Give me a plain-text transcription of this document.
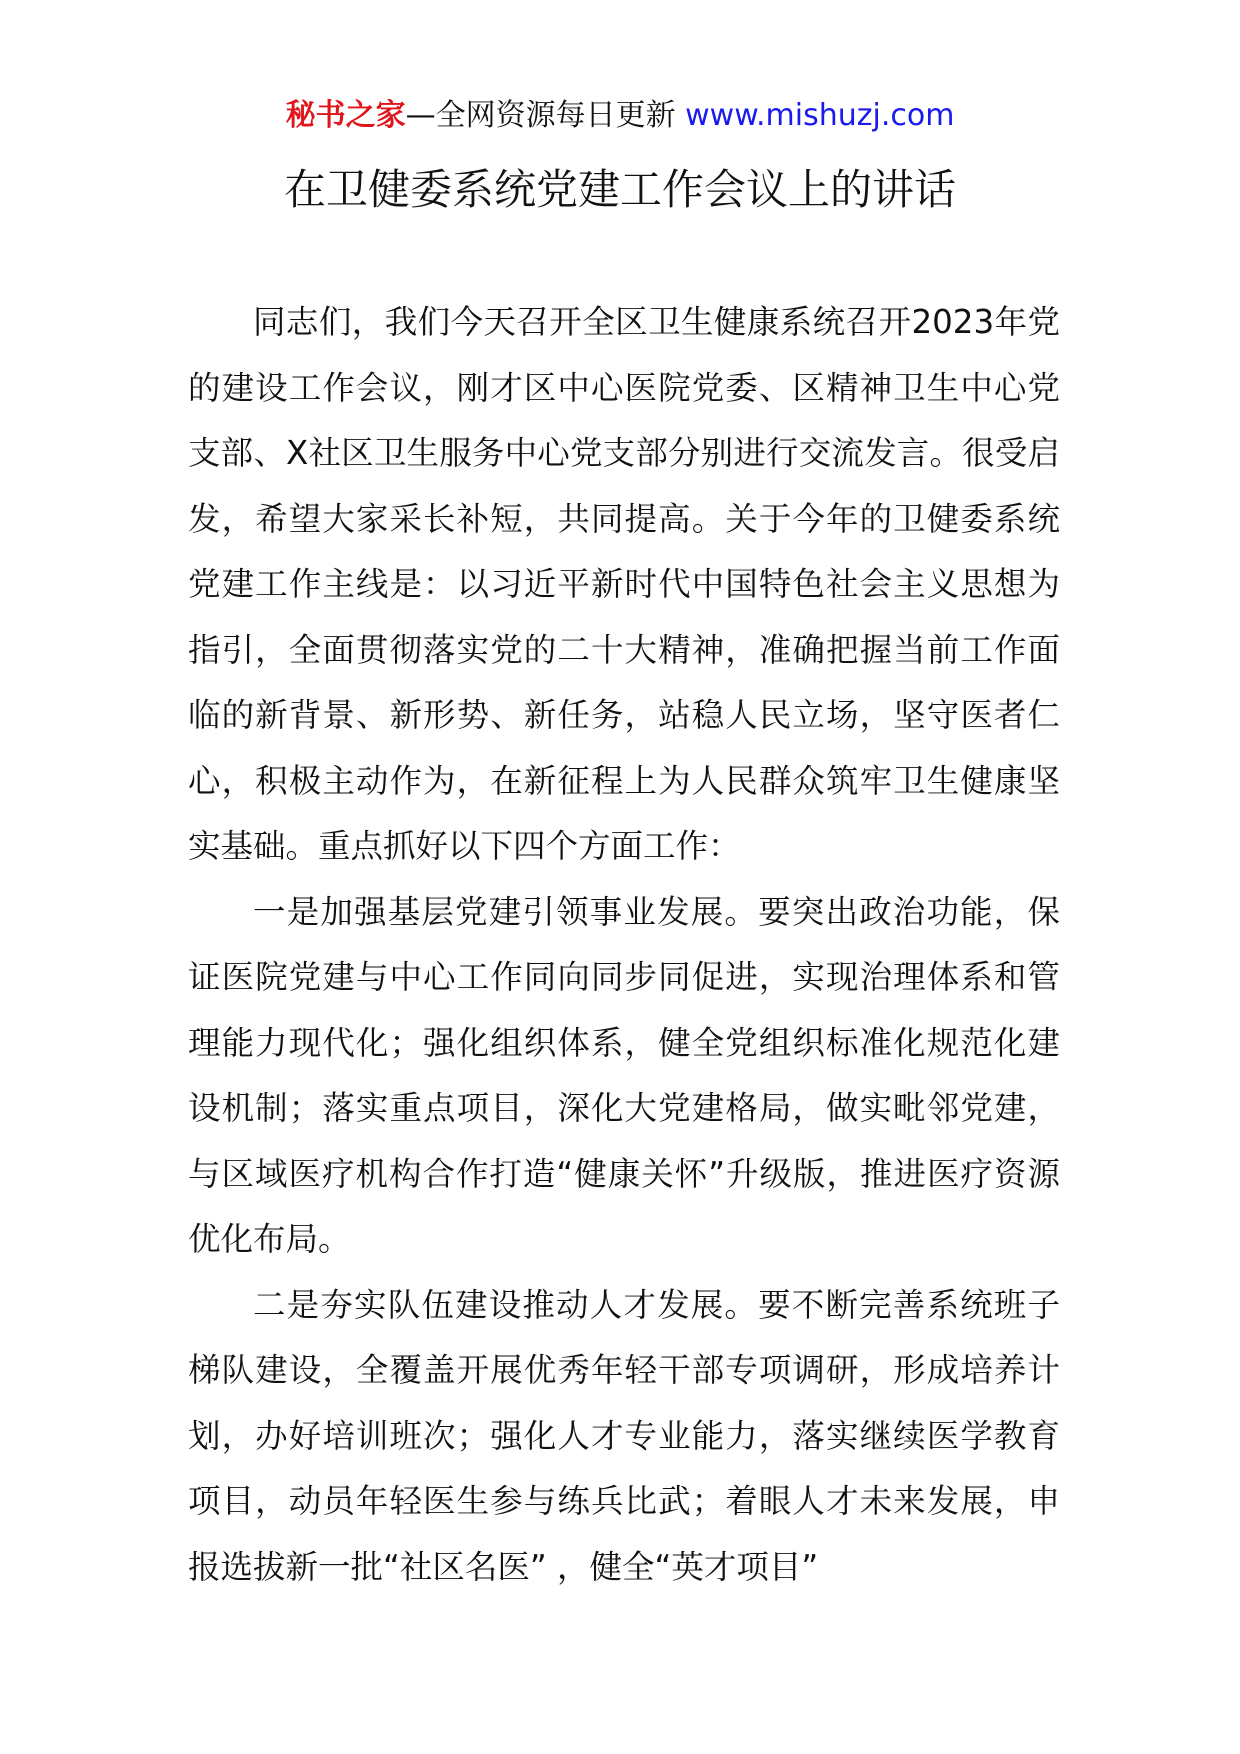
秘书之家—全网资源每日更新 www.mishuzj.com
在卫健委系统党建工作会议上的讲话

同志们，我们今天召开全区卫生健康系统召开2023年党的建设工作会议，刚才区中心医院党委、区精神卫生中心党支部、X社区卫生服务中心党支部分别进行交流发言。很受启发，希望大家采长补短，共同提高。关于今年的卫健委系统党建工作主线是：以习近平新时代中国特色社会主义思想为指引，全面贯彻落实党的二十大精神，准确把握当前工作面临的新背景、新形势、新任务，站稳人民立场，坚守医者仁心，积极主动作为，在新征程上为人民群众筑牢卫生健康坚实基础。重点抓好以下四个方面工作：

一是加强基层党建引领事业发展。要突出政治功能，保证医院党建与中心工作同向同步同促进，实现治理体系和管理能力现代化；强化组织体系，健全党组织标准化规范化建设机制；落实重点项目，深化大党建格局，做实毗邻党建，与区域医疗机构合作打造“健康关怀”升级版，推进医疗资源优化布局。

二是夯实队伍建设推动人才发展。要不断完善系统班子梯队建设，全覆盖开展优秀年轻干部专项调研，形成培养计划，办好培训班次；强化人才专业能力，落实继续医学教育项目，动员年轻医生参与练兵比武；着眼人才未来发展，申报选拔新一批“社区名医” ，健全“英才项目”
